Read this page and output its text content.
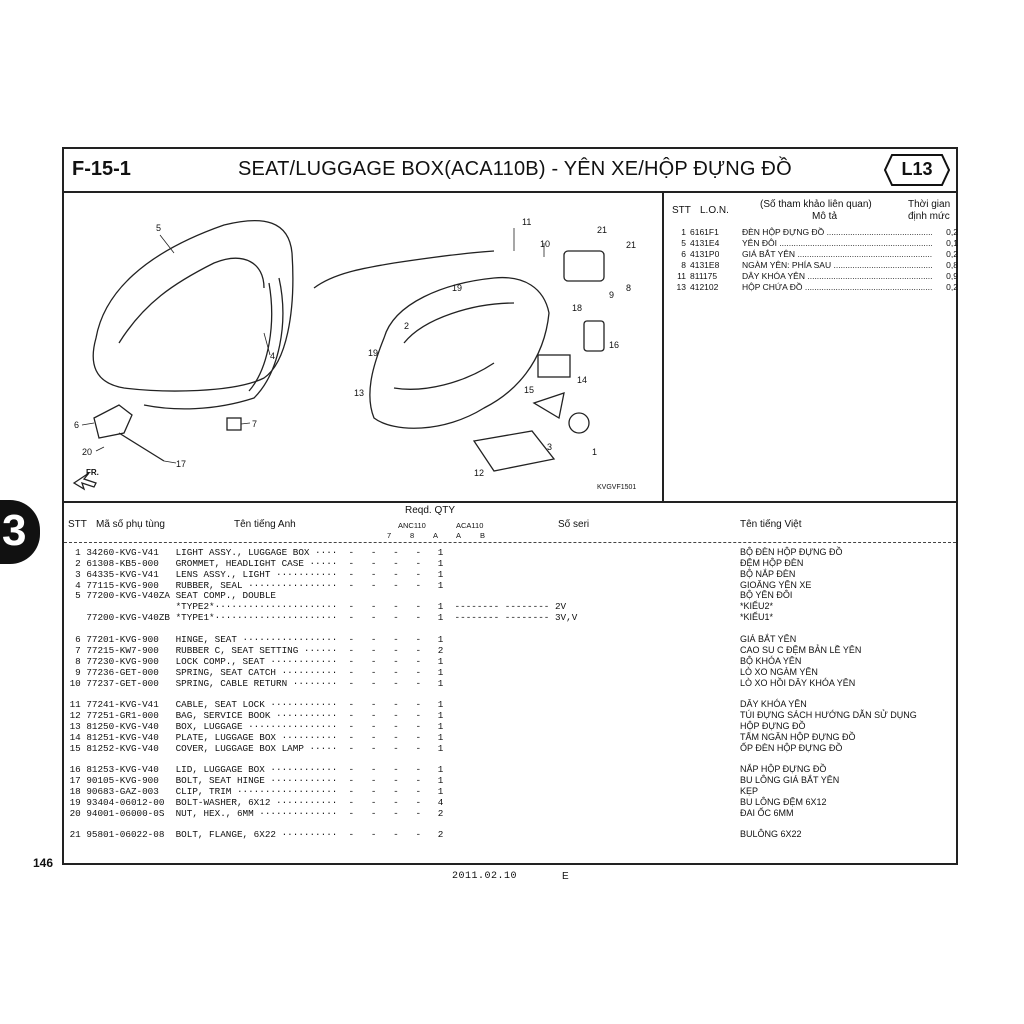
3
146
F-15-1	SEAT/LUGGAGE BOX(ACA110B) - YÊN XE/HỘP ĐỰNG ĐỒ	L13
5
4
6	7
17
20
11
10
21
21
8
9
18
19
19
2
13
16
14
15
3	1
12
FR.
KVGVF1501
STT L.O.N.
(Số tham khảo liên quan)
Mô tả
Thời gian
định mức
1 6161F1	ĐÈN HỘP ĐỰNG ĐỒ .....	0,2
5 4131E4	YÊN ĐÔI .....	0,1
6 4131P0	GIÁ BẮT YÊN .....	0,2
8 4131E8	NGÀM YÊN: PHÍA SAU .....	0,8
11 811175	DÂY KHÓA YÊN .....	0,9
13 412102	HỘP CHỨA ĐỒ .....	0,2
STT Mã số phụ tùng	Tên tiếng Anh
Reqd. QTY
ANC110	ACA110
7	8	A A	B
Số seri	Tên tiếng Việt
1 34260-KVG-V41   LIGHT ASSY., LUGGAGE BOX ····  -   -   -   -   1	BỘ ĐÈN HỘP ĐỰNG ĐỒ
2 61308-KB5-000   GROMMET, HEADLIGHT CASE ·····  -   -   -   -   1	ĐỆM HỘP ĐÈN
3 64335-KVG-V41   LENS ASSY., LIGHT ···········  -   -   -   -   1	BỘ NẮP ĐÈN
4 77115-KVG-900   RUBBER, SEAL ················  -   -   -   -   1	GIOĂNG YÊN XE
5 77200-KVG-V40ZA SEAT COMP., DOUBLE	BỘ YÊN ĐÔI
*TYPE2*······················  -   -   -   -   1  -------- -------- 2V	*KIỂU2*
77200-KVG-V40ZB *TYPE1*······················  -   -   -   -   1  -------- -------- 3V,V	*KIỂU1*
6 77201-KVG-900   HINGE, SEAT ·················  -   -   -   -   1	GIÁ BẮT YÊN
7 77215-KW7-900   RUBBER C, SEAT SETTING ······  -   -   -   -   2	CAO SU C ĐỆM BẢN LỀ YÊN
8 77230-KVG-900   LOCK COMP., SEAT ············  -   -   -   -   1	BỘ KHÓA YÊN
9 77236-GET-000   SPRING, SEAT CATCH ··········  -   -   -   -   1	LÒ XO NGÀM YÊN
10 77237-GET-000   SPRING, CABLE RETURN ········  -   -   -   -   1	LÒ XO HỒI DÂY KHÓA YÊN
11 77241-KVG-V41   CABLE, SEAT LOCK ············  -   -   -   -   1	DÂY KHÓA YÊN
12 77251-GR1-000   BAG, SERVICE BOOK ···········  -   -   -   -   1	TÚI ĐỰNG SÁCH HƯỚNG DẪN SỬ DỤNG
13 81250-KVG-V40   BOX, LUGGAGE ················  -   -   -   -   1	HỘP ĐỰNG ĐỒ
14 81251-KVG-V40   PLATE, LUGGAGE BOX ··········  -   -   -   -   1	TẤM NGĂN HỘP ĐỰNG ĐỒ
15 81252-KVG-V40   COVER, LUGGAGE BOX LAMP ·····  -   -   -   -   1	ỐP ĐÈN HỘP ĐỰNG ĐỒ
16 81253-KVG-V40   LID, LUGGAGE BOX ············  -   -   -   -   1	NẮP HỘP ĐỰNG ĐỒ
17 90105-KVG-900   BOLT, SEAT HINGE ············  -   -   -   -   1	BU LÔNG GIÁ BẮT YÊN
18 90683-GAZ-003   CLIP, TRIM ··················  -   -   -   -   1	KẸP
19 93404-06012-00  BOLT-WASHER, 6X12 ···········  -   -   -   -   4	BU LÔNG ĐỆM 6X12
20 94001-06000-0S  NUT, HEX., 6MM ··············  -   -   -   -   2	ĐAI ỐC 6MM
21 95801-06022-08  BOLT, FLANGE, 6X22 ··········  -   -   -   -   2	BULÔNG 6X22
2011.02.10	E
